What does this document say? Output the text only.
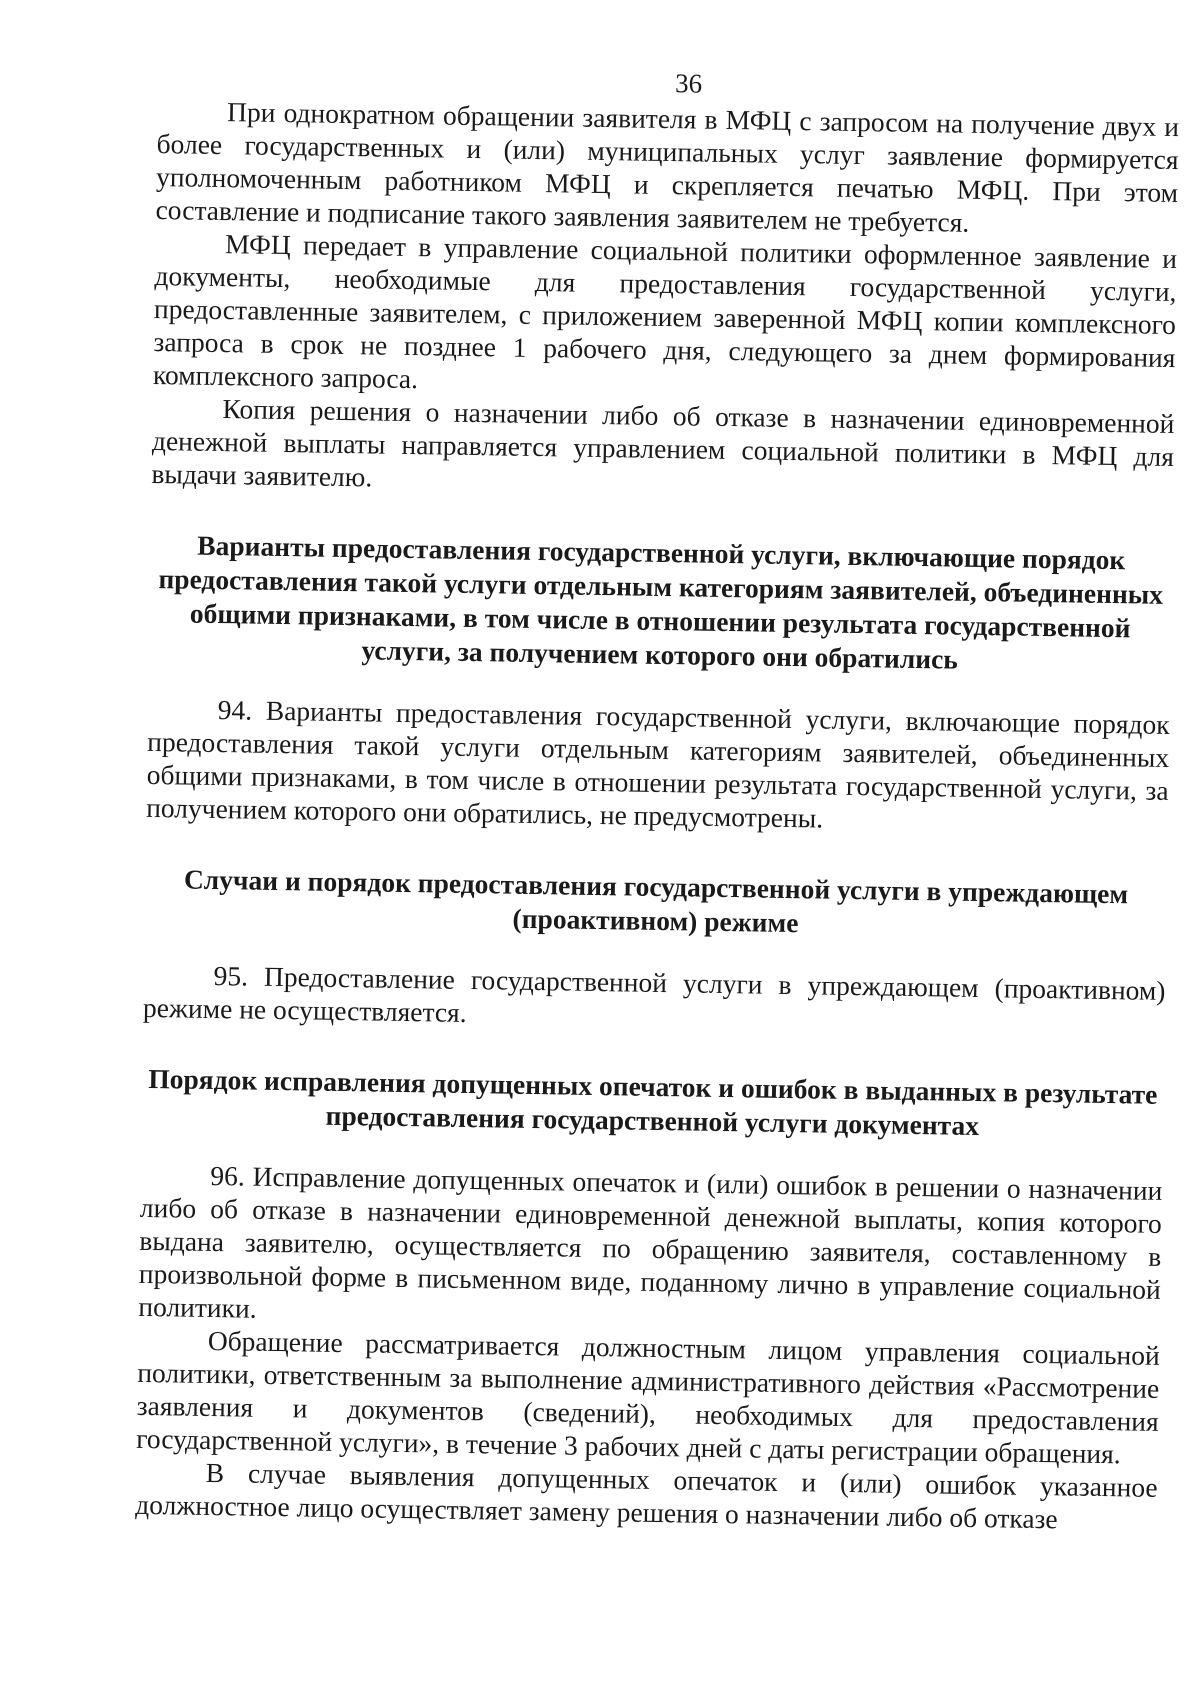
36

При однократном обращении заявителя в МФЦ с запросом на получение двух и более государственных и (или) муниципальных услуг заявление формируется уполномоченным работником МФЦ и скрепляется печатью МФЦ. При этом составление и подписание такого заявления заявителем не требуется.

МФЦ передает в управление социальной политики оформленное заявление и документы, необходимые для предоставления государственной услуги, предоставленные заявителем, с приложением заверенной МФЦ копии комплексного запроса в срок не позднее 1 рабочего дня, следующего за днем формирования комплексного запроса.

Копия решения о назначении либо об отказе в назначении единовременной денежной выплаты направляется управлением социальной политики в МФЦ для выдачи заявителю.

Варианты предоставления государственной услуги, включающие порядок предоставления такой услуги отдельным категориям заявителей, объединенных общими признаками, в том числе в отношении результата государственной услуги, за получением которого они обратились

94. Варианты предоставления государственной услуги, включающие порядок предоставления такой услуги отдельным категориям заявителей, объединенных общими признаками, в том числе в отношении результата государственной услуги, за получением которого они обратились, не предусмотрены.

Случаи и порядок предоставления государственной услуги в упреждающем (проактивном) режиме

95. Предоставление государственной услуги в упреждающем (проактивном) режиме не осуществляется.

Порядок исправления допущенных опечаток и ошибок в выданных в результате предоставления государственной услуги документах

96. Исправление допущенных опечаток и (или) ошибок в решении о назначении либо об отказе в назначении единовременной денежной выплаты, копия которого выдана заявителю, осуществляется по обращению заявителя, составленному в произвольной форме в письменном виде, поданному лично в управление социальной политики.

Обращение рассматривается должностным лицом управления социальной политики, ответственным за выполнение административного действия «Рассмотрение заявления и документов (сведений), необходимых для предоставления государственной услуги», в течение 3 рабочих дней с даты регистрации обращения.

В случае выявления допущенных опечаток и (или) ошибок указанное должностное лицо осуществляет замену решения о назначении либо об отказе
